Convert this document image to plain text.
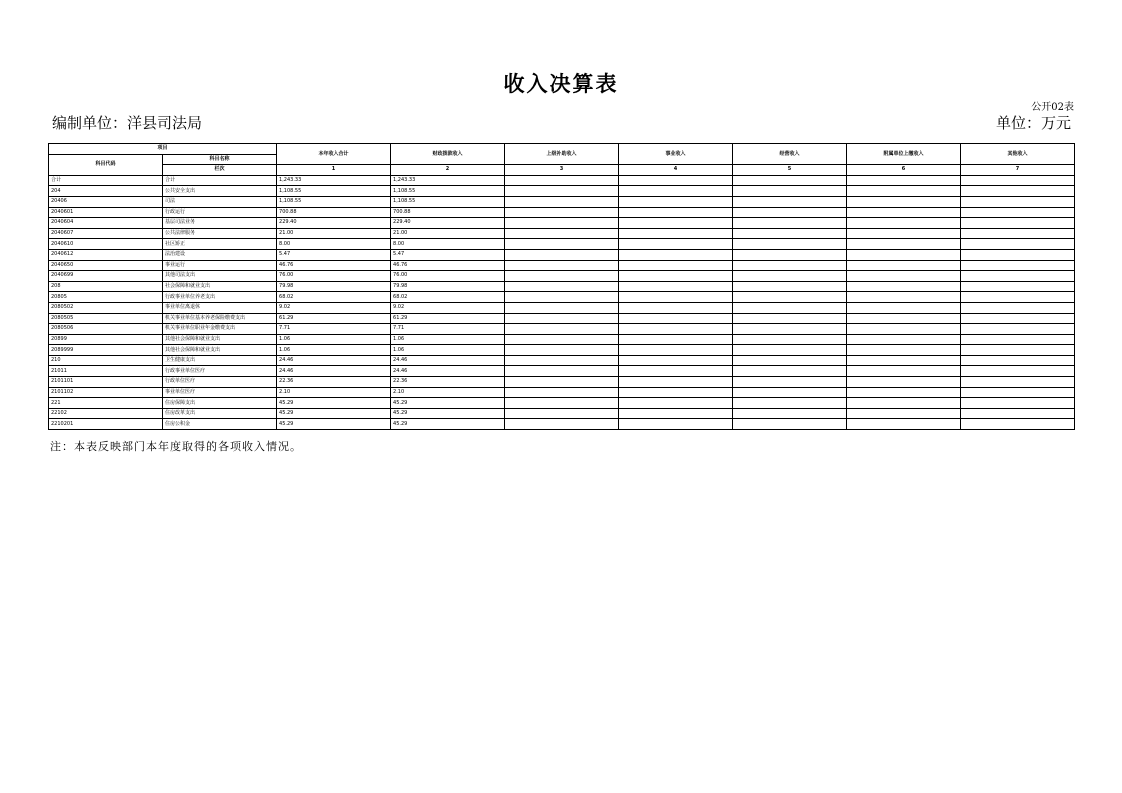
收入决算表
公开02表
编制单位：洋县司法局	单位：万元
项目		本年收入合计	财政拨款收入	上级补助收入	事业收入	经营收入	附属单位上缴收入	其他收入
科目代码	科目名称							
	栏次	1	2	3	4	5	6	7
合计	合计	1,243.33	1,243.33					
204	公共安全支出	1,108.55	1,108.55					
20406	司法	1,108.55	1,108.55					
2040601	行政运行	700.88	700.88					
2040604	基层司法业务	229.40	229.40					
2040607	公共法律服务	21.00	21.00					
2040610	社区矫正	8.00	8.00					
2040612	法治建设	5.47	5.47					
2040650	事业运行	46.76	46.76					
2040699	其他司法支出	76.00	76.00					
208	社会保障和就业支出	79.98	79.98					
20805	行政事业单位养老支出	68.02	68.02					
2080502	事业单位离退休	9.02	9.02					
2080505	机关事业单位基本养老保险缴费支出	61.29	61.29					
2080506	机关事业单位职业年金缴费支出	7.71	7.71					
20899	其他社会保障和就业支出	1.06	1.06					
2089999	其他社会保障和就业支出	1.06	1.06					
210	卫生健康支出	24.46	24.46					
21011	行政事业单位医疗	24.46	24.46					
2101101	行政单位医疗	22.36	22.36					
2101102	事业单位医疗	2.10	2.10					
221	住房保障支出	45.29	45.29					
22102	住房改革支出	45.29	45.29					
2210201	住房公积金	45.29	45.29					
注：本表反映部门本年度取得的各项收入情况。
